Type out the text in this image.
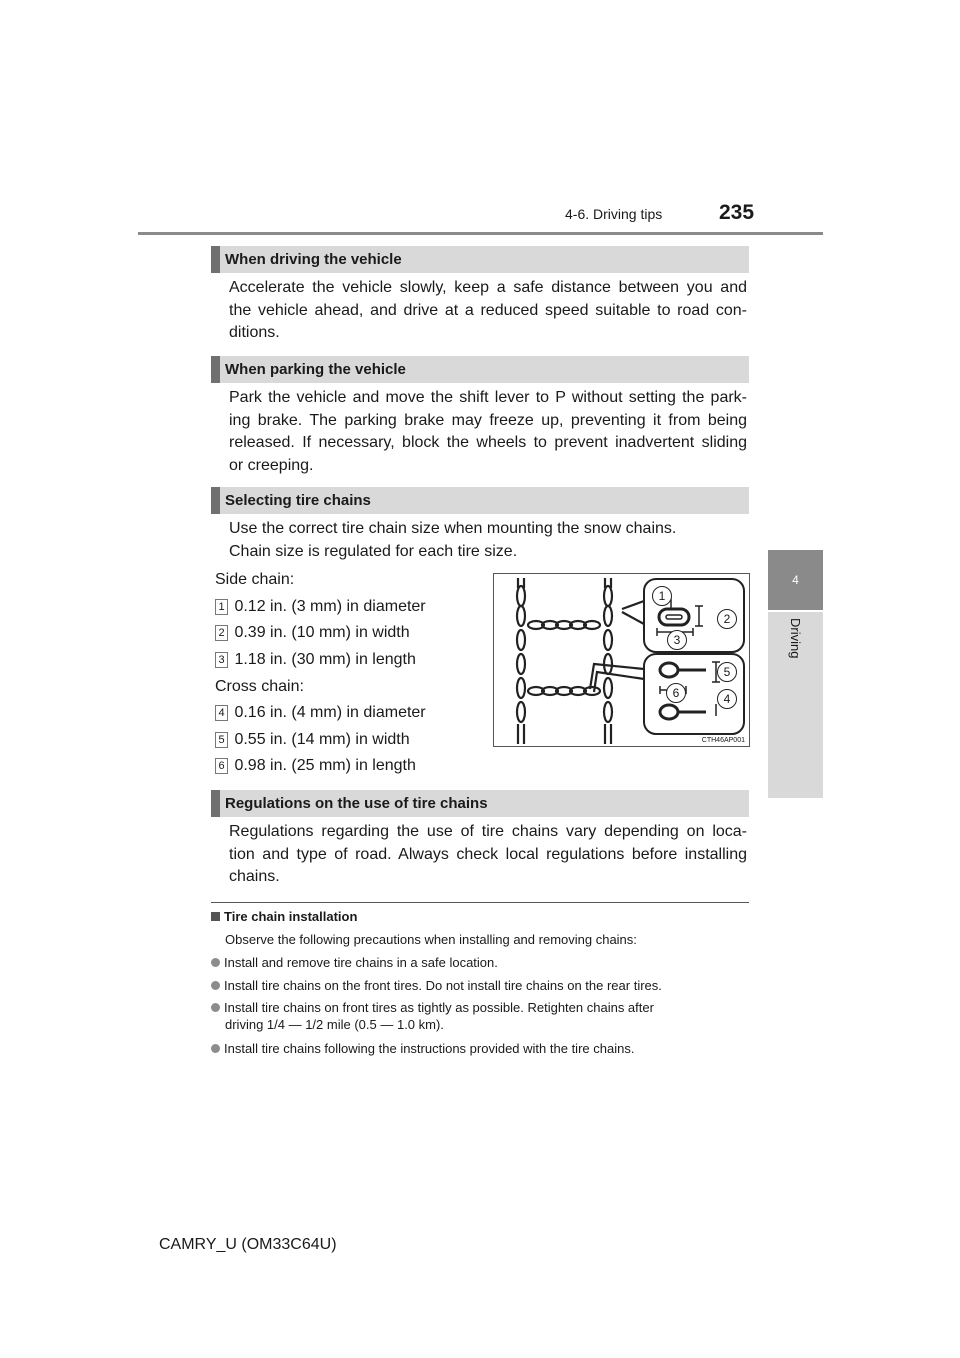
4-6. Driving tips	235
4
Driving
When driving the vehicle
Accelerate the vehicle slowly, keep a safe distance between you and
the vehicle ahead, and drive at a reduced speed suitable to road con-
ditions.
When parking the vehicle
Park the vehicle and move the shift lever to P without setting the park-
ing brake. The parking brake may freeze up, preventing it from being
released. If necessary, block the wheels to prevent inadvertent sliding
or creeping.
Selecting tire chains
Use the correct tire chain size when mounting the snow chains.
Chain size is regulated for each tire size.
Side chain:
1 0.12 in. (3 mm) in diameter
2 0.39 in. (10 mm) in width
3 1.18 in. (30 mm) in length
Cross chain:
4 0.16 in. (4 mm) in diameter
5 0.55 in. (14 mm) in width
6 0.98 in. (25 mm) in length
1
2
3
4
5
6
CTH46AP001
Regulations on the use of tire chains
Regulations regarding the use of tire chains vary depending on loca-
tion and type of road. Always check local regulations before installing
chains.
Tire chain installation
Observe the following precautions when installing and removing chains:
Install and remove tire chains in a safe location.
Install tire chains on the front tires. Do not install tire chains on the rear tires.
Install tire chains on front tires as tightly as possible. Retighten chains after
driving 1/4 — 1/2 mile (0.5 — 1.0 km).
Install tire chains following the instructions provided with the tire chains.
CAMRY_U (OM33C64U)
